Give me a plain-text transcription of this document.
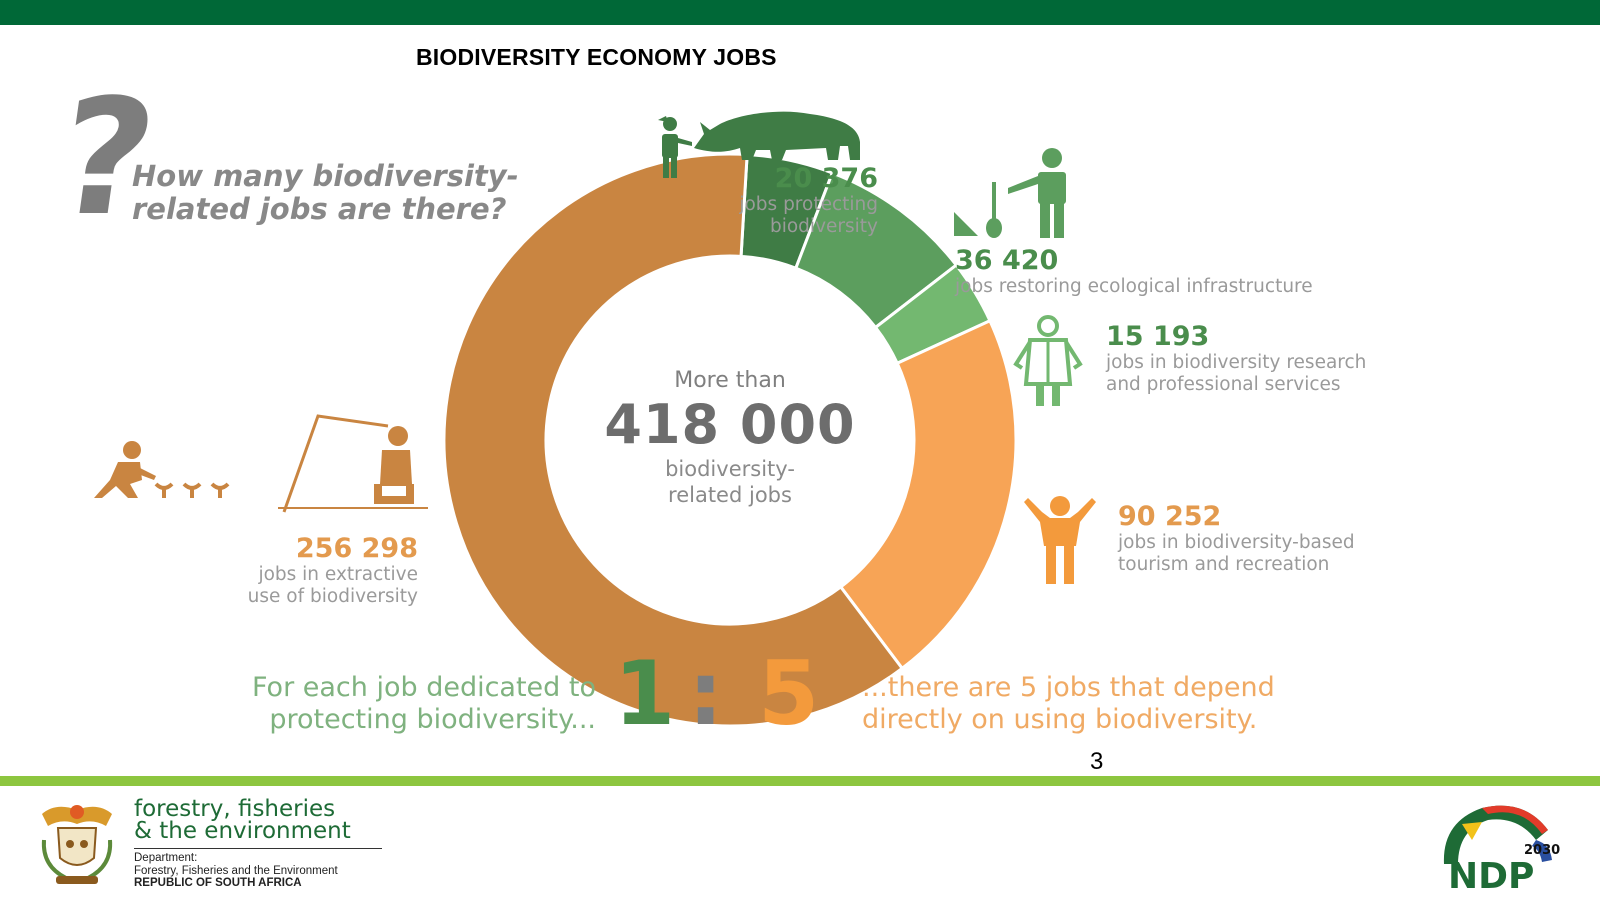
BIODIVERSITY ECONOMY JOBS
?
How many biodiversity-related jobs are there?
More than
418 000
biodiversity-
related jobs
20 376
jobs protecting
biodiversity
36 420
jobs restoring ecological infrastructure
15 193
jobs in biodiversity research
and professional services
90 252
jobs in biodiversity-based
tourism and recreation
256 298
jobs in extractive
use of biodiversity
For each job dedicated to
protecting biodiversity... 1 : 5 ...there are 5 jobs that depend
directly on using biodiversity.
3
forestry, fisheries
& the environment
Department:
Forestry, Fisheries and the Environment
REPUBLIC OF SOUTH AFRICA
2030
NDP
